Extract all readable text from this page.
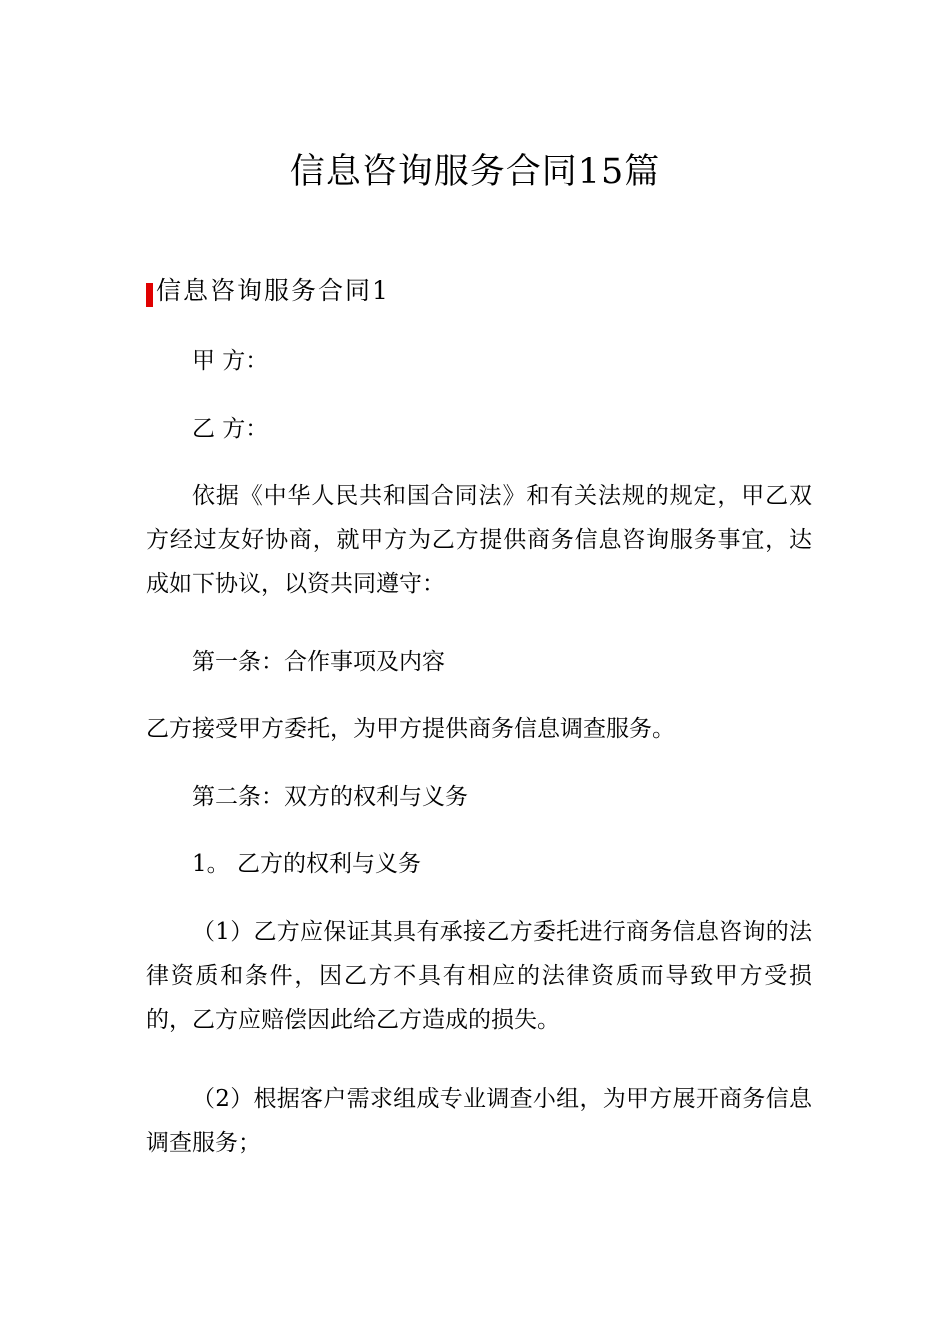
信息咨询服务合同15篇
信息咨询服务合同1

甲 方：

乙 方：

依据《中华人民共和国合同法》和有关法规的规定，甲乙双方经过友好协商，就甲方为乙方提供商务信息咨询服务事宜，达成如下协议，以资共同遵守：

第一条：合作事项及内容

乙方接受甲方委托，为甲方提供商务信息调查服务。

第二条：双方的权利与义务

1。 乙方的权利与义务

（1）乙方应保证其具有承接乙方委托进行商务信息咨询的法律资质和条件，因乙方不具有相应的法律资质而导致甲方受损的，乙方应赔偿因此给乙方造成的损失。

（2）根据客户需求组成专业调查小组，为甲方展开商务信息调查服务；
